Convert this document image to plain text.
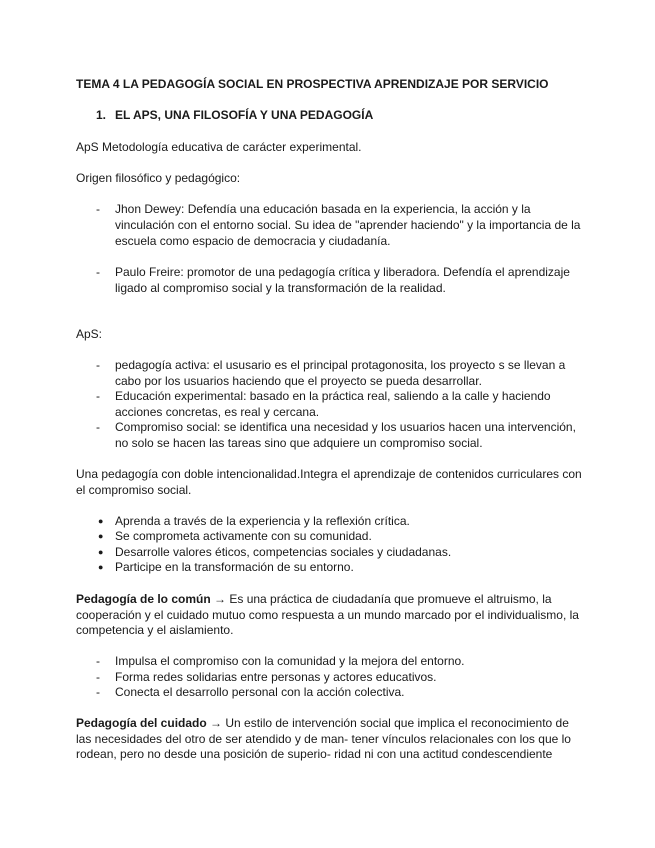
TEMA 4 LA PEDAGOGÍA SOCIAL EN PROSPECTIVA APRENDIZAJE POR SERVICIO
1. EL APS, UNA FILOSOFÍA Y UNA PEDAGOGÍA
ApS Metodología educativa de carácter experimental.
Origen filosófico y pedagógico:
- Jhon Dewey: Defendía una educación basada en la experiencia, la acción y la
vinculación con el entorno social. Su idea de "aprender haciendo" y la importancia de la
escuela como espacio de democracia y ciudadanía.
- Paulo Freire: promotor de una pedagogía crítica y liberadora. Defendía el aprendizaje
ligado al compromiso social y la transformación de la realidad.
ApS:
- pedagogía activa: el ususario es el principal protagonosita, los proyecto s se llevan a
cabo por los usuarios haciendo que el proyecto se pueda desarrollar.
- Educación experimental: basado en la práctica real, saliendo a la calle y haciendo
acciones concretas, es real y cercana.
- Compromiso social: se identifica una necesidad y los usuarios hacen una intervención,
no solo se hacen las tareas sino que adquiere un compromiso social.
Una pedagogía con doble intencionalidad.Integra el aprendizaje de contenidos curriculares con
el compromiso social.
● Aprenda a través de la experiencia y la reflexión crítica.
● Se comprometa activamente con su comunidad.
● Desarrolle valores éticos, competencias sociales y ciudadanas.
● Participe en la transformación de su entorno.
Pedagogía de lo común → Es una práctica de ciudadanía que promueve el altruismo, la
cooperación y el cuidado mutuo como respuesta a un mundo marcado por el individualismo, la
competencia y el aislamiento.
- Impulsa el compromiso con la comunidad y la mejora del entorno.
- Forma redes solidarias entre personas y actores educativos.
- Conecta el desarrollo personal con la acción colectiva.
Pedagogía del cuidado → Un estilo de intervención social que implica el reconocimiento de
las necesidades del otro de ser atendido y de man- tener vínculos relacionales con los que lo
rodean, pero no desde una posición de superio- ridad ni con una actitud condescendiente
